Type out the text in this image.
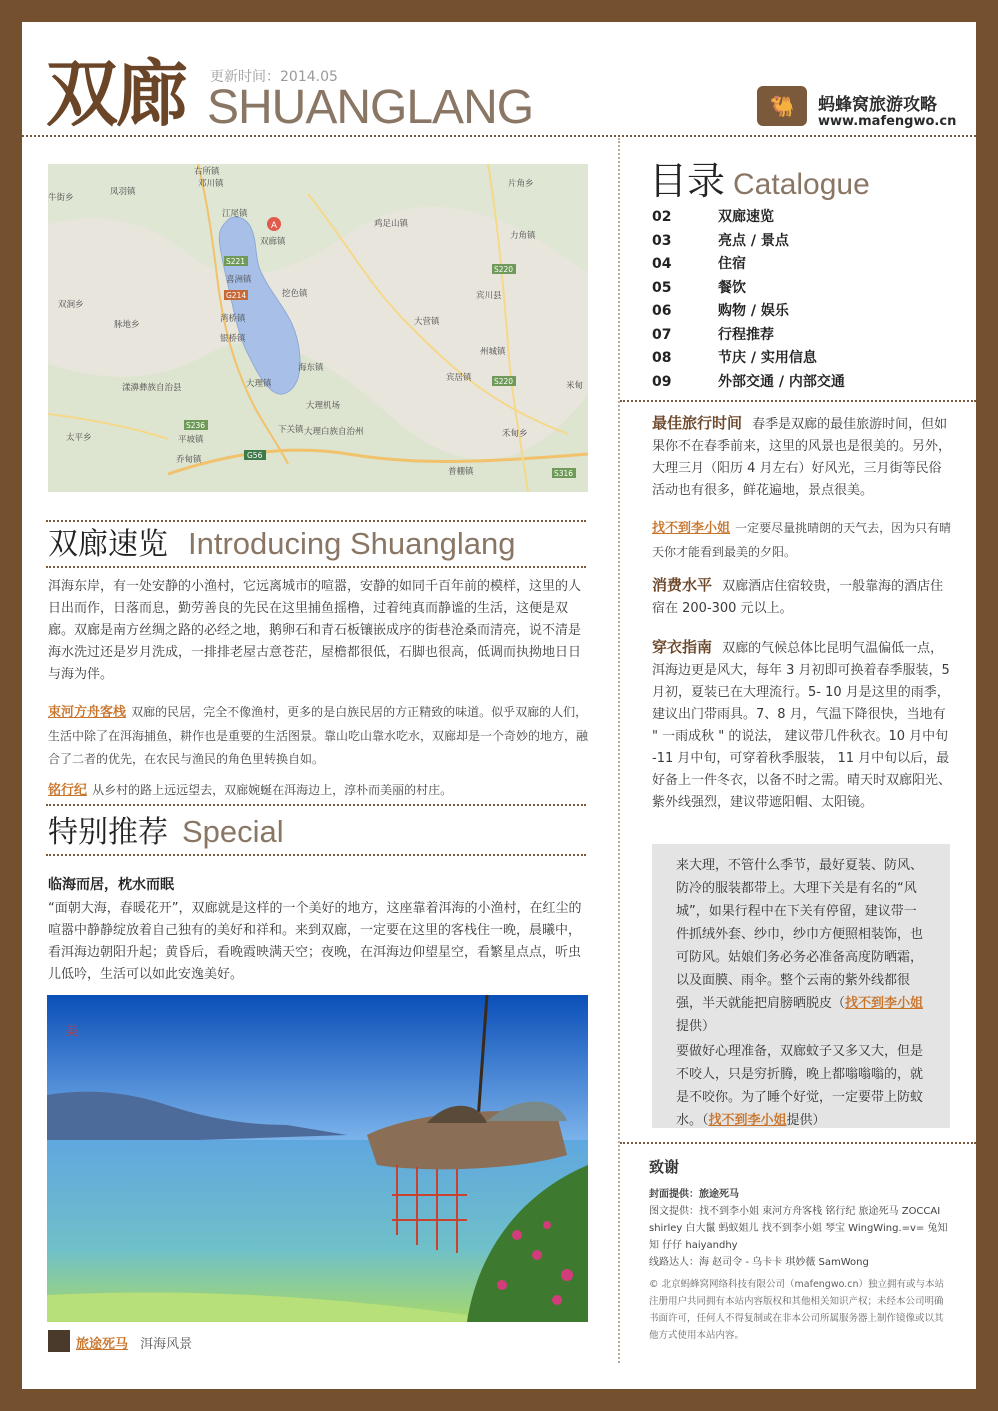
双廊 更新时间：2014.05
SHUANGLANG	🐫	蚂蜂窝旅游攻略
www.mafengwo.cn
A
右所镇
邓川镇
凤羽镇
牛街乡
江尾镇
挖色镇
双廊镇
喜洲镇
湾桥镇
银桥镇
大理镇
大理机场
下关镇 大理白族自治州
海东镇
宾居镇
州城镇
大营镇
宾川县
片角乡
力角镇
鸡足山镇
双涧乡
脉地乡
漾濞彝族自治县
太平乡	平坡镇
乔甸镇
禾甸乡
米甸
普棚镇
S221
G214
S220
G56
S316
S236
S220
双廊速览 Introducing Shuanglang
洱海东岸，有一处安静的小渔村，它远离城市的喧嚣，安静的如同千百年前的模样，这里的人日出而作，日落而息，勤劳善良的先民在这里捕鱼摇橹，过着纯真而静谧的生活，这便是双廊。双廊是南方丝绸之路的必经之地，鹅卵石和青石板镶嵌成序的街巷沧桑而清亮，说不清是海水洗过还是岁月洗成，一排排老屋古意苍茫，屋檐都很低，石脚也很高，低调而执拗地日日与海为伴。
束河方舟客栈 双廊的民居，完全不像渔村，更多的是白族民居的方正精致的味道。似乎双廊的人们，生活中除了在洱海捕鱼，耕作也是重要的生活图景。靠山吃山靠水吃水，双廊却是一个奇妙的地方，融合了二者的优先，在农民与渔民的角色里转换自如。
铭行纪 从乡村的路上远远望去，双廊婉蜒在洱海边上，淳朴而美丽的村庄。
特别推荐 Special
临海而居，枕水而眠
“面朝大海，春暖花开”，双廊就是这样的一个美好的地方，这座靠着洱海的小渔村，在红尘的喧嚣中静静绽放着自己独有的美好和祥和。来到双廊，一定要在这里的客栈住一晚，晨曦中，看洱海边朝阳升起；黄昏后，看晚霞映满天空；夜晚，在洱海边仰望星空，看繁星点点，听虫儿低吟，生活可以如此安逸美好。
美
旅途死马 洱海风景
目录 Catalogue
02	双廊速览
03	亮点 / 景点
04	住宿
05	餐饮
06	购物 / 娱乐
07	行程推荐
08	节庆 / 实用信息
09	外部交通 / 内部交通
最佳旅行时间 春季是双廊的最佳旅游时间，但如果你不在春季前来，这里的风景也是很美的。另外，大理三月（阳历 4 月左右）好风光，三月街等民俗活动也有很多，鲜花遍地，景点很美。
找不到李小姐 一定要尽量挑晴朗的天气去，因为只有晴天你才能看到最美的夕阳。
消费水平 双廊酒店住宿较贵，一般靠海的酒店住宿在 200-300 元以上。
穿衣指南 双廊的气候总体比昆明气温偏低一点，洱海边更是风大，每年 3 月初即可换着春季服装，5 月初，夏装已在大理流行。5- 10 月是这里的雨季，建议出门带雨具。7、8 月，气温下降很快，当地有 " 一雨成秋 " 的说法， 建议带几件秋衣。10 月中旬 -11 月中旬，可穿着秋季服装， 11 月中旬以后，最好备上一件冬衣，以备不时之需。晴天时双廊阳光、紫外线强烈，建议带遮阳帽、太阳镜。
来大理，不管什么季节，最好夏装、防风、防冷的服装都带上。大理下关是有名的“风城”，如果行程中在下关有停留，建议带一件抓绒外套、纱巾，纱巾方便照相装饰，也可防风。姑娘们务必务必准备高度防晒霜，以及面膜、雨伞。整个云南的紫外线都很强，半天就能把肩膀晒脱皮（找不到李小姐提供）
要做好心理准备，双廊蚊子又多又大，但是不咬人，只是穷折腾，晚上都嗡嗡嗡的，就是不咬你。为了睡个好觉，一定要带上防蚊水。（找不到李小姐提供）
致谢
封面提供：旅途死马
图文提供：找不到李小姐 束河方舟客栈 铭行纪 旅途死马 ZOCCAI shirley 白大鬣 蚂蚁姐儿 找不到李小姐 琴宝 WingWing.=v= 兔知知 仔仔 haiyandhy
线路达人：海 赵司令 - 乌卡卡 琪妙薇 SamWong
© 北京蚂蜂窝网络科技有限公司（mafengwo.cn）独立拥有或与本站注册用户共同拥有本站内容版权和其他相关知识产权；未经本公司明确书面许可，任何人不得复制或在非本公司所属服务器上制作镜像或以其他方式使用本站内容。
